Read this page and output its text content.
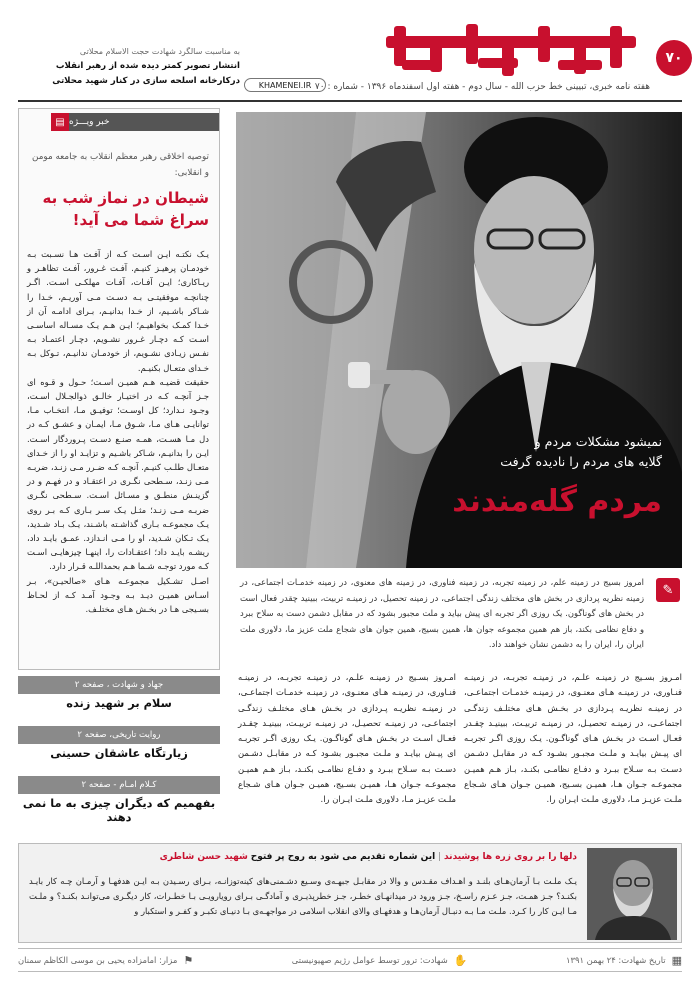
۷۰
هفته نامه خبری، تبیینی خط حزب الله - سال دوم - هفته اول اسفندماه ۱۳۹۶ - شماره : ۷۰
KHAMENEI.IR
به مناسبت سالگرد شهادت حجت الاسلام محلاتی
انتشار تصویر کمتر دیده شده از رهبر انقلاب
درکارخانه اسلحه سازی در کنار شهید محلاتی
خبر ویـــژه
▤
توصیه اخلاقی رهبر معظم انقلاب به جامعه مومن و انقلابی:
شیطان در نماز شب به سراغ شما می آید!

یـک نکتـه ایـن اسـت کـه از آفـت هـا نسـبت بـه خودمـان پرهیـز کنیـم. آفـت غـرور، آفـت تظاهـر و ریـاکاری؛ ایـن آفـات، آفـات مهلکـی اسـت. اگـر چنانچـه موفقیتـی بـه دسـت مـی آوریـم، خـدا را شـاکر باشـیم، از خـدا بدانیـم، بـرای ادامـه آن از خـدا کمـک بخواهیـم؛ ایـن هـم یـک مسـاله اساسـی اسـت کـه دچـار غـرور نشـویم، دچـار اعتمـاد بـه نفـس زیـادی نشـویم، از خودمـان ندانیـم، تـوکل بـه خـدای متعـال بکنیـم.

حقیقت قضیـه هـم همیـن اسـت؛ حـول و قـوه ای جـز آنچـه کـه در اختیـار خالـق ذوالجـلال اسـت، وجـود نـدارد؛ کل اوسـت؛ توفیـق مـا، انتخـاب مـا، توانایـی هـای مـا، شـوق مـا، ایمـان و عشـق کـه در دل مـا هسـت، همـه صنـع دسـت پـروردگار اسـت. ایـن را بدانیـم، شـاکر باشـیم و تزایـد او را از خـدای متعـال طلـب کنیـم. آنچـه کـه ضـرر مـی زنـد، ضربـه مـی زنـد، سـطحی نگـری در اعتقـاد و در فهـم و در گزینـش منطـق و مسـائل اسـت. سـطحی نگـری ضربـه مـی زنـد؛ مثـل یـک سـر بـاری کـه بـر روی یـک مجموعـه بـاری گذاشـته باشـند، یـک بـاد شـدید، یـک تـکان شـدید، او را مـی انـدازد. عمـق بایـد داد، ریشـه بایـد داد؛ اعتقـادات را، اینهـا چیزهایـی اسـت کـه مورد توجـه شـما هـم بحمداللـه قـرار دارد.

اصـل تشـکیل مجموعـه هـای «صالحیـن»، بـر اسـاس همیـن دیـد بـه وجـود آمـد کـه از لحـاظ بسـیجی هـا در بخـش هـای مختلـف.

جهاد و شهادت ، صفحه ۲
سلام بر شهید زنده
روایت تاریخی، صفحه ۲
زیارتگاه عاشقان حسینی
کـلام امـام - صفحه ۲
بفهمیم که دیگران چیزی به ما نمی دهند
نمیشود مشکلات مردم و
گلایه های مردم را نادیده گرفت
مردم گله‌مندند
✎
امروز بسیج در زمینه علم، در زمینه تجربه، در زمینه فناوری، در زمینه های معنوی، در زمینه خدمـات اجتماعی، در زمینه نظریه پردازی در بخش های مختلف زندگی اجتماعی، در زمینه تحصیل، در زمینـه تربیت، ببینید چقدر فعال است در بخش های گوناگون. یک روزی اگر تجربه ای پیش بیاید و ملت مجبور بشود که در مقابل دشمن دست به سلاح ببرد و دفاع نظامی بکند، باز هم همین مجموعه جوان ها، همین بسیج، همین جوان های شجاع ملت عزیز ما، دلاوری ملت ایران را، ایران را به دشمن نشان خواهند داد.
امـروز بسـیج در زمینـه علـم، در زمینـه تجربـه، در زمینـه فنـاوری، در زمینـه هـای معنـوی، در زمینـه خدمـات اجتماعـی، در زمینـه نظریـه پـردازی در بخـش هـای مختلـف زندگـی اجتماعـی، در زمینـه تحصیـل، در زمینـه تربیـت، ببینیـد چقـدر فعـال اسـت در بخـش هـای گوناگـون. یـک روزی اگـر تجربـه ای پیـش بیایـد و ملـت مجبـور بشـود کـه در مقابـل دشـمن دسـت بـه سـلاح ببـرد و دفـاع نظامـی بکنـد، بـاز هـم همیـن مجموعـه جـوان هـا، همیـن بسـیج، همیـن جـوان هـای شـجاع ملـت عزیـز مـا، دلاوری ملـت ایـران را.
امـروز بسـیج در زمینـه علـم، در زمینـه تجربـه، در زمینـه فنـاوری، در زمینـه هـای معنـوی، در زمینـه خدمـات اجتماعـی، در زمینـه نظریـه پـردازی در بخـش هـای مختلـف زندگـی اجتماعـی، در زمینـه تحصیـل، در زمینـه تربیـت، ببینیـد چقـدر فعـال اسـت در بخـش هـای گوناگـون. یـک روزی اگـر تجربـه ای پیـش بیایـد و ملـت مجبـور بشـود کـه در مقابـل دشـمن دسـت بـه سـلاح ببـرد و دفـاع نظامـی بکنـد، بـاز هـم همیـن مجموعـه جـوان هـا، همیـن بسـیج، همیـن جـوان هـای شـجاع ملـت عزیـز مـا، دلاوری ملـت ایـران را.
دلها را بر روی زره ها پوشیدند | این شماره تقدیم می شود به روح پر فتوح شهید حسن شاطری
یـک ملـت بـا آرمان‌هـای بلنـد و اهـداف مقـدس و والا در مقابـل جبهـه‌ی وسـیع دشـمنی‌های کینه‌توزانـه، بـرای رسـیدن بـه ایـن هدفهـا و آرمـان چـه کار بایـد بکنـد؟ جـز همـت، جـز عـزم راسـخ، جـز ورود در میدانهـای خطـر، جـز خطرپذیـری و آمادگـی بـرای رویارویـی بـا خطـرات، کار دیگـری می‌توانـد بکنـد؟ و ملـت مـا ایـن کار را کـرد. ملـت مـا بـه دنبـال آرمان‌هـا و هدفهـای والای انقلاب اسلامی در مواجهـه‌ی بـا دنیـای تکبـر و کفـر و استکبار و
▦
تاریخ شهادت: ۲۴ بهمن ۱۳۹۱
✋
شهادت: ترور توسط عوامل رژیم صهیونیستی
⚑
مزار: امامزاده یحیی بن موسی الکاظم سمنان
